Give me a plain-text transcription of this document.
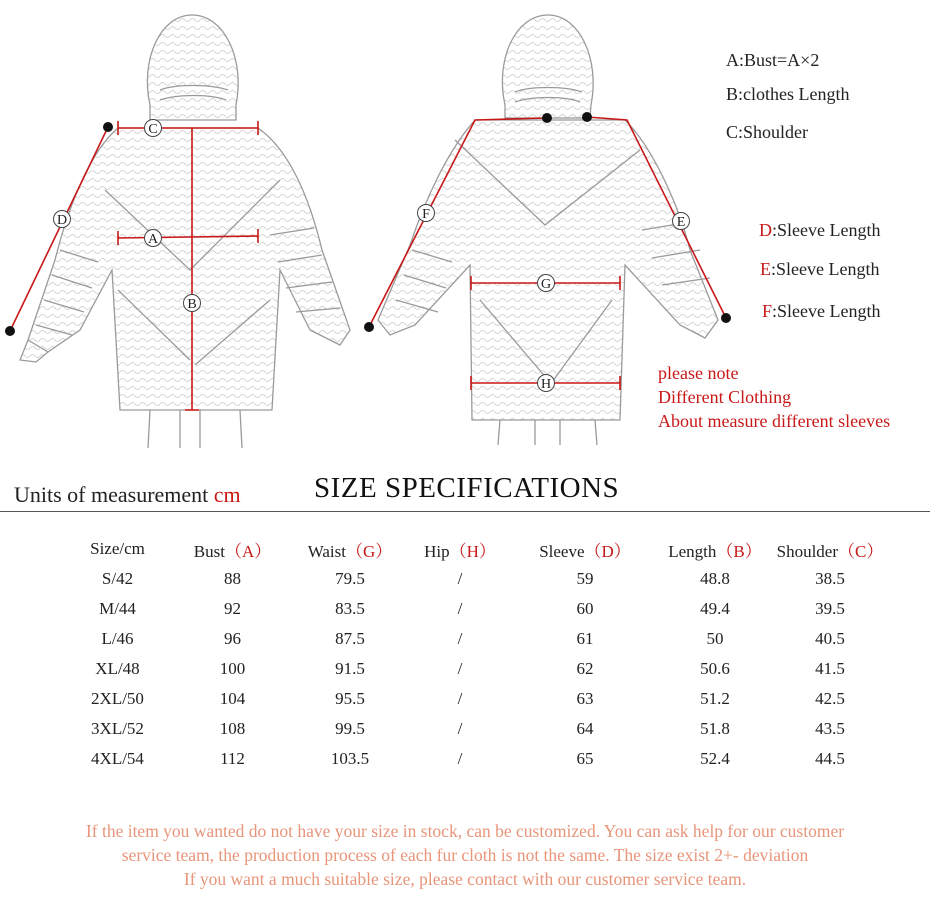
C
A
B
D	F
E
G
H
A:Bust=A×2
B:clothes Length
C:Shoulder
D:Sleeve Length
E:Sleeve Length
F:Sleeve Length
please note
Different Clothing
About measure different sleeves
Units of measurement cm	SIZE SPECIFICATIONS
Size/cm	Bust（A）	Waist（G）	Hip（H）	Sleeve（D）	Length（B）	Shoulder（C）
S/42	88	79.5	/	59	48.8	38.5
M/44	92	83.5	/	60	49.4	39.5
L/46	96	87.5	/	61	50	40.5
XL/48	100	91.5	/	62	50.6	41.5
2XL/50	104	95.5	/	63	51.2	42.5
3XL/52	108	99.5	/	64	51.8	43.5
4XL/54	112	103.5	/	65	52.4	44.5
If the item you wanted do not have your size in stock, can be customized. You can ask help for our customer
service team, the production process of each fur cloth is not the same. The size exist 2+- deviation
If you want a much suitable size, please contact with our customer service team.
